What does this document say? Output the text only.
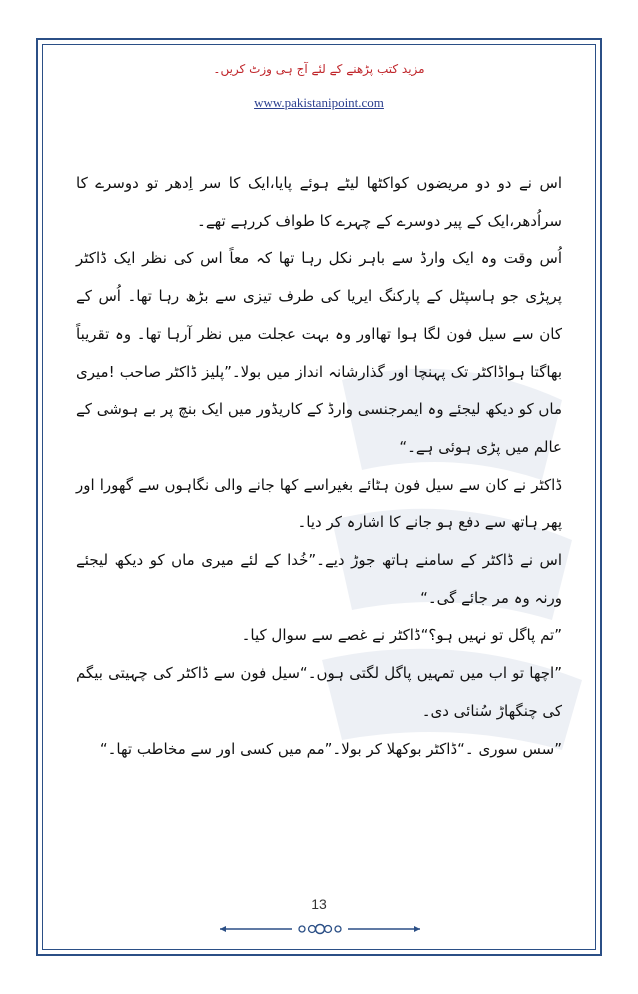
مزید کتب پڑھنے کے لئے آج ہی وزٹ کریں۔
www.pakistanipoint.com

اس نے دو دو مریضوں کواکٹھا لیٹے ہوئے پایا،ایک کا سر اِدھر تو دوسرے کا سراُدھر،ایک کے پیر دوسرے کے چہرے کا طواف کررہے تھے۔

اُس وقت وہ ایک وارڈ سے باہر نکل رہا تھا کہ معاً اس کی نظر ایک ڈاکٹر پرپڑی جو ہاسپٹل کے پارکنگ ایریا کی طرف تیزی سے بڑھ رہا تھا۔ اُس کے کان سے سیل فون لگا ہوا تھااور وہ بہت عجلت میں نظر آرہا تھا۔ وہ تقریباً بھاگتا ہواڈاکٹر تک پہنچا اور گذارشانہ انداز میں بولا۔”پلیز ڈاکٹر صاحب !میری ماں کو دیکھ لیجئے وہ ایمرجنسی وارڈ کے کاریڈور میں ایک بنچ پر بے ہوشی کے عالم میں پڑی ہوئی ہے۔“

ڈاکٹر نے کان سے سیل فون ہٹائے بغیراسے کھا جانے والی نگاہوں سے گھورا اور پھر ہاتھ سے دفع ہو جانے کا اشارہ کر دیا۔

اس نے ڈاکٹر کے سامنے ہاتھ جوڑ دیے۔”خُدا کے لئے میری ماں کو دیکھ لیجئے ورنہ وہ مر جائے گی۔“

”تم پاگل تو نہیں ہو؟“ڈاکٹر نے غصے سے سوال کیا۔

”اچھا تو اب میں تمہیں پاگل لگتی ہوں۔“سیل فون سے ڈاکٹر کی چہیتی بیگم کی چنگھاڑ سُنائی دی۔

”سس سوری ۔“ڈاکٹر بوکھلا کر بولا۔”مم میں کسی اور سے مخاطب تھا۔“

13
